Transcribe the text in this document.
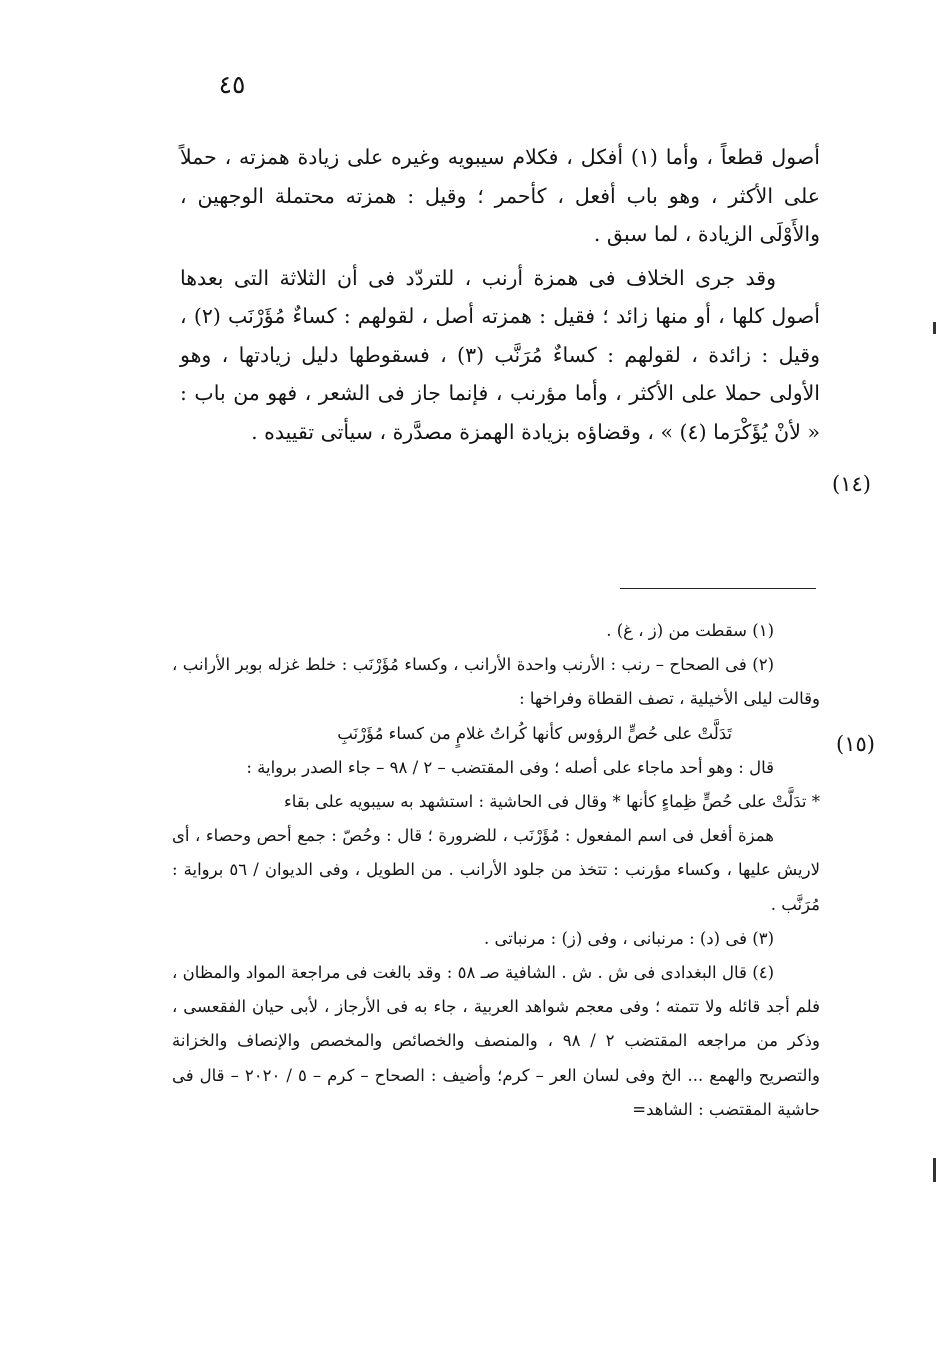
٤٥

أصول قطعاً ، وأما (١) أفكل ، فكلام سيبويه وغيره على زيادة همزته ، حملاً على الأكثر ، وهو باب أفعل ، كأحمر ؛ وقيل : همزته محتملة الوجهين ، والأَوْلَى الزيادة ، لما سبق .

وقد جرى الخلاف فى همزة أرنب ، للتردّد فى أن الثلاثة التى بعدها أصول كلها ، أو منها زائد ؛ فقيل : همزته أصل ، لقولهم : كساءٌ مُؤَرْنَب (٢) ، وقيل : زائدة ، لقولهم : كساءٌ مُرَنَّب (٣) ، فسقوطها دليل زيادتها ، وهو الأولى حملا على الأكثر ، وأما مؤرنب ، فإنما جاز فى الشعر ، فهو من باب : « لأنْ يُؤَكْرَما (٤) » ، وقضاؤه بزيادة الهمزة مصدَّرة ، سيأتى تقييده .

(١٤)
(١٥)

(١) سقطت من (ز ، غ) .

(٢) فى الصحاح – رنب : الأرنب واحدة الأرانب ، وكساء مُؤَرْنَب : خلط غزله بوبر الأرانب ، وقالت ليلى الأخيلية ، تصف القطاة وفراخها :

تَدَلَّتْ على حُصٍّ الرؤوس كأنها كُراتُ غلامٍ من كساء مُؤَرْنَبِ

قال : وهو أحد ماجاء على أصله ؛ وفى المقتضب – ٢ / ٩٨ – جاء الصدر برواية :

* تدَلَّتْ على حُصٍّ ظِماءٍ كأنها * وقال فى الحاشية : استشهد به سيبويه على بقاء

همزة أفعل فى اسم المفعول : مُؤَرْنَب ، للضرورة ؛ قال : وحُصّ : جمع أحص وحصاء ، أى لاريش عليها ، وكساء مؤرنب : تتخذ من جلود الأرانب . من الطويل ، وفى الديوان / ٥٦ برواية : مُرَنَّب .

(٣) فى (د) : مرنبانى ، وفى (ز) : مرنباتى .

(٤) قال البغدادى فى ش . ش . الشافية صـ ٥٨ : وقد بالغت فى مراجعة المواد والمظان ، فلم أجد قائله ولا تتمته ؛ وفى معجم شواهد العربية ، جاء به فى الأرجاز ، لأبى حيان الفقعسى ، وذكر من مراجعه المقتضب ٢ / ٩٨ ، والمنصف والخصائص والمخصص والإنصاف والخزانة والتصريح والهمع ... الخ وفى لسان العر – كرم؛ وأضيف : الصحاح – كرم – ٥ / ٢٠٢٠ – قال فى حاشية المقتضب : الشاهد=
